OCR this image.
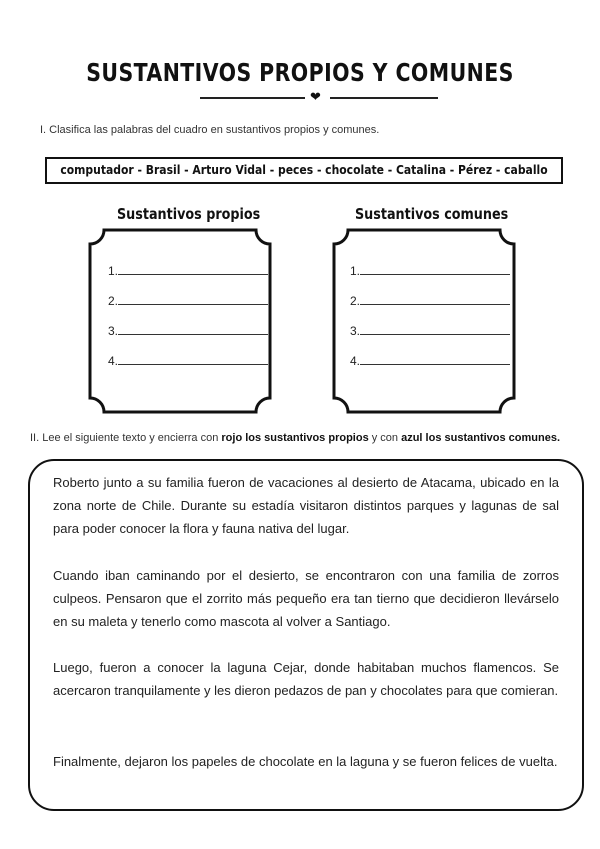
SUSTANTIVOS PROPIOS Y COMUNES
❤
I. Clasifica las palabras del cuadro en sustantivos propios y comunes.
computador - Brasil - Arturo Vidal - peces - chocolate - Catalina - Pérez - caballo
Sustantivos propios	Sustantivos comunes
1.
2.
3.
4.
1.
2.
3.
4.
II. Lee el siguiente texto y encierra con rojo los sustantivos propios y con azul los sustantivos comunes.
Roberto junto a su familia fueron de vacaciones al desierto de Atacama, ubicado en la zona norte de Chile. Durante su estadía visitaron distintos parques y lagunas de sal para poder conocer la flora y fauna nativa del lugar.
Cuando iban caminando por el desierto, se encontraron con una familia de zorros culpeos. Pensaron que el zorrito más pequeño era tan tierno que decidieron llevárselo en su maleta y tenerlo como mascota al volver a Santiago.
Luego, fueron a conocer la laguna Cejar, donde habitaban muchos flamencos. Se acercaron tranquilamente y les dieron pedazos de pan y chocolates para que comieran.
Finalmente, dejaron los papeles de chocolate en la laguna y se fueron felices de vuelta.
